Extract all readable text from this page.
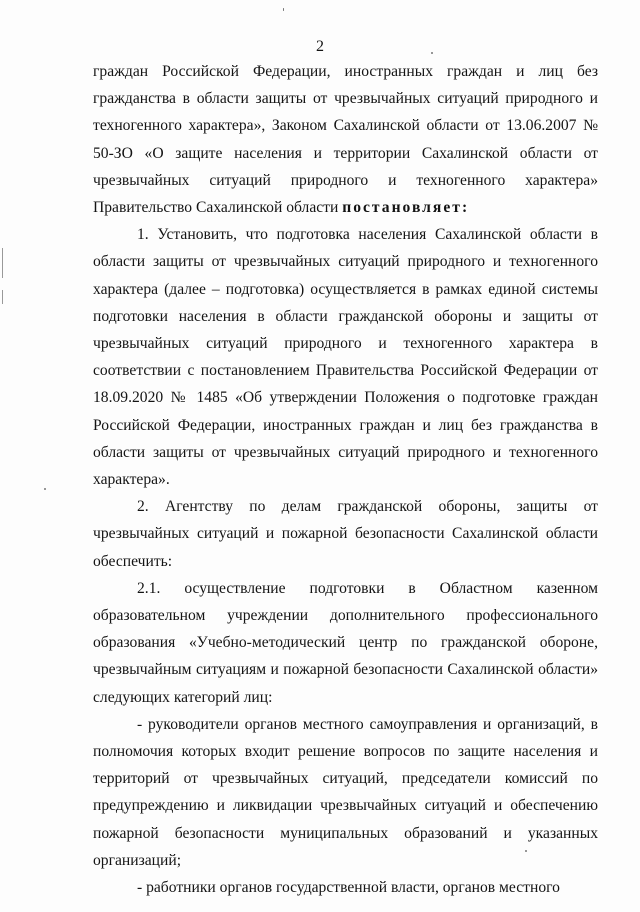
2

граждан Российской Федерации, иностранных граждан и лиц без гражданства в области защиты от чрезвычайных ситуаций природного и техногенного характера», Законом Сахалинской области от 13.06.2007 № 50-ЗО «О защите населения и территории Сахалинской области от чрезвычайных ситуаций природного и техногенного характера» Правительство Сахалинской области постановляет:

1. Установить, что подготовка населения Сахалинской области в области защиты от чрезвычайных ситуаций природного и техногенного характера (далее – подготовка) осуществляется в рамках единой системы подготовки населения в области гражданской обороны и защиты от чрезвычайных ситуаций природного и техногенного характера в соответствии с постановлением Правительства Российской Федерации от 18.09.2020 № 1485 «Об утверждении Положения о подготовке граждан Российской Федерации, иностранных граждан и лиц без гражданства в области защиты от чрезвычайных ситуаций природного и техногенного характера».

2. Агентству по делам гражданской обороны, защиты от чрезвычайных ситуаций и пожарной безопасности Сахалинской области обеспечить:

2.1. осуществление подготовки в Областном казенном образовательном учреждении дополнительного профессионального образования «Учебно-методический центр по гражданской обороне, чрезвычайным ситуациям и пожарной безопасности Сахалинской области» следующих категорий лиц:

- руководители органов местного самоуправления и организаций, в полномочия которых входит решение вопросов по защите населения и территорий от чрезвычайных ситуаций, председатели комиссий по предупреждению и ликвидации чрезвычайных ситуаций и обеспечению пожарной безопасности муниципальных образований и указанных организаций;

- работники органов государственной власти, органов местного
